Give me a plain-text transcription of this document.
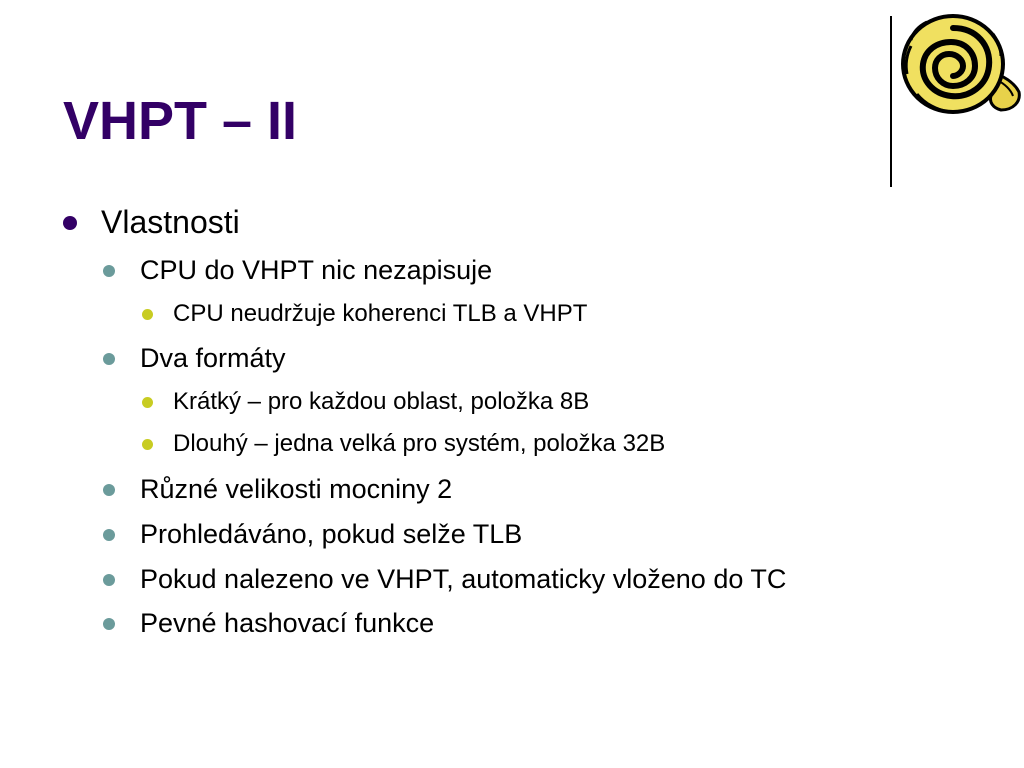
VHPT – II
Vlastnosti
CPU do VHPT nic nezapisuje
CPU neudržuje koherenci TLB a VHPT
Dva formáty
Krátký – pro každou oblast, položka 8B
Dlouhý – jedna velká pro systém, položka 32B
Různé velikosti mocniny 2
Prohledáváno, pokud selže TLB
Pokud nalezeno ve VHPT, automaticky vloženo do TC
Pevné hashovací funkce
